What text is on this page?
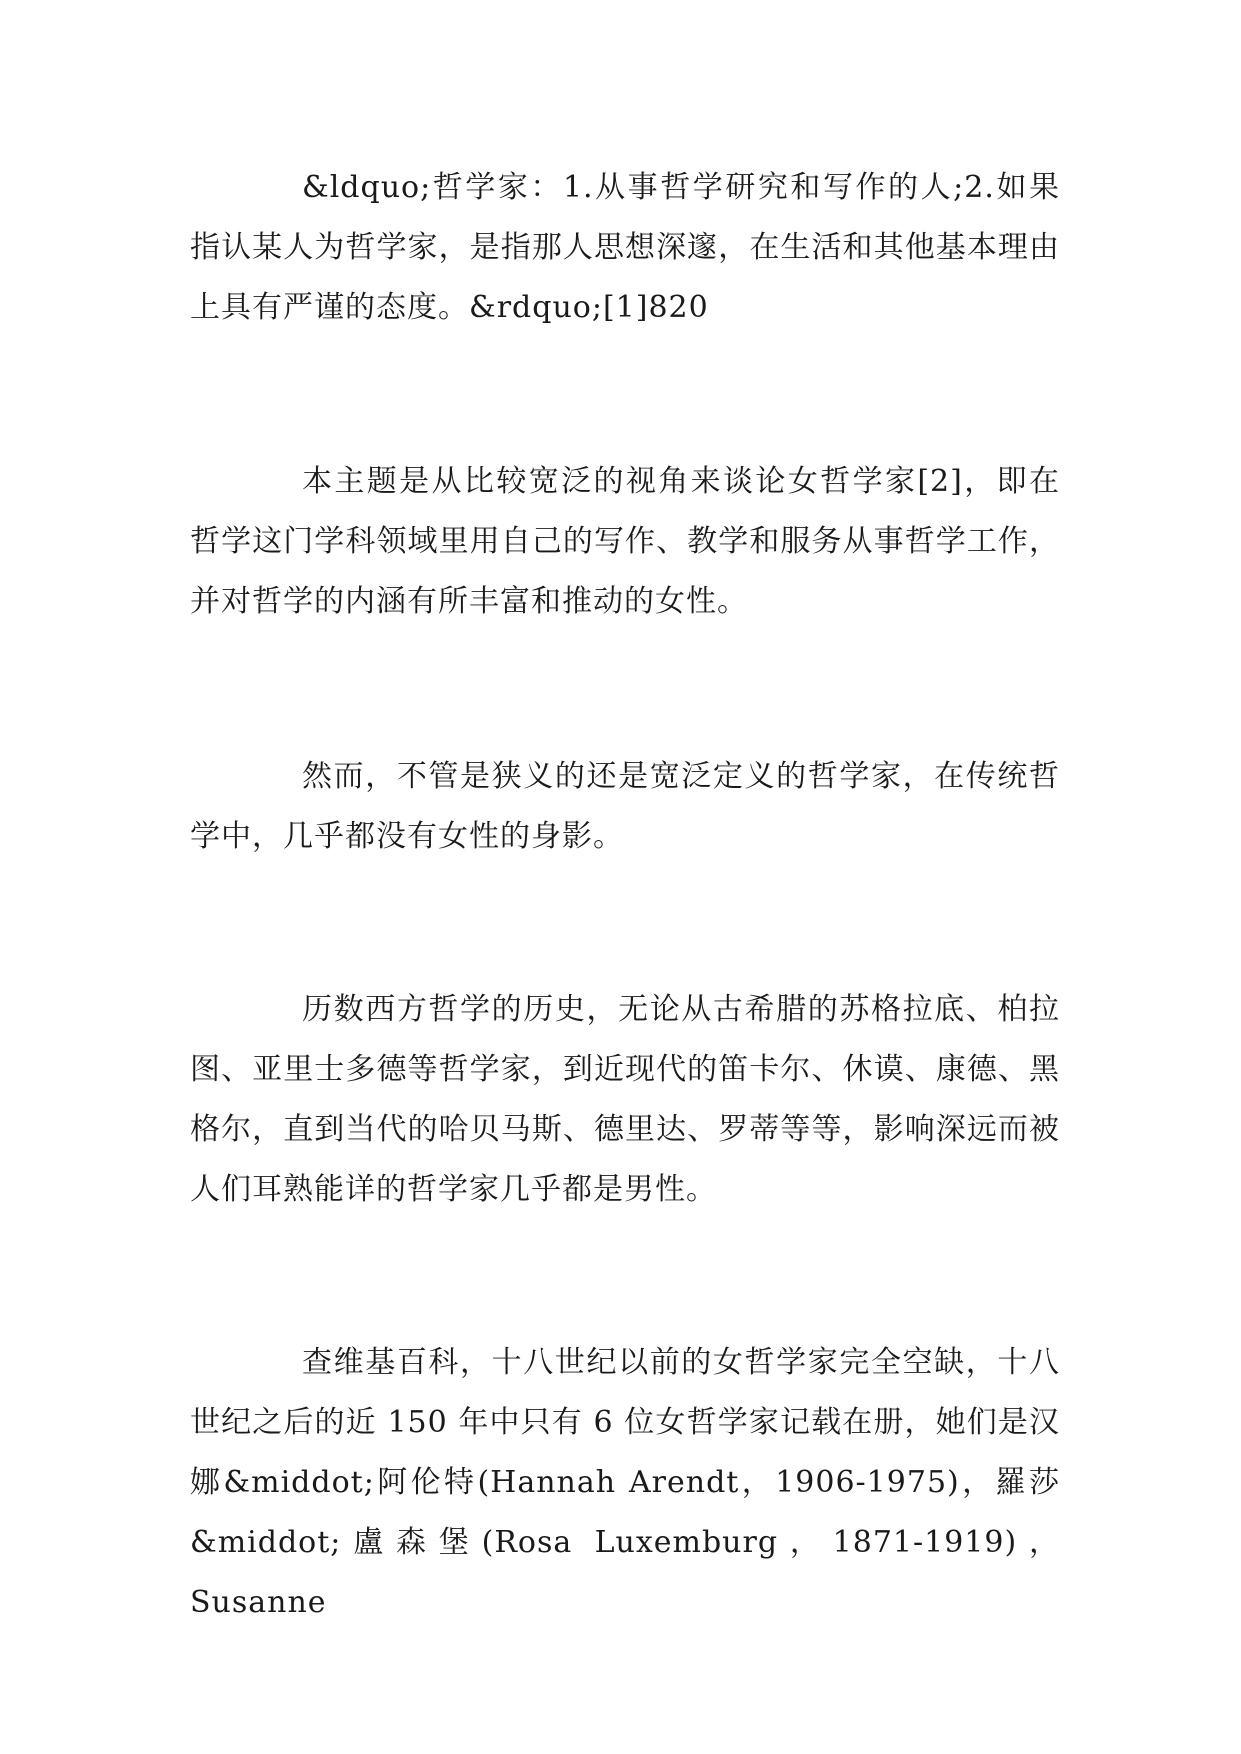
&ldquo;哲学家：1.从事哲学研究和写作的人;2.如果指认某人为哲学家，是指那人思想深邃，在生活和其他基本理由上具有严谨的态度。&rdquo;[1]820

本主题是从比较宽泛的视角来谈论女哲学家[2]，即在哲学这门学科领域里用自己的写作、教学和服务从事哲学工作，并对哲学的内涵有所丰富和推动的女性。

然而，不管是狭义的还是宽泛定义的哲学家，在传统哲学中，几乎都没有女性的身影。

历数西方哲学的历史，无论从古希腊的苏格拉底、柏拉图、亚里士多德等哲学家，到近现代的笛卡尔、休谟、康德、黑格尔，直到当代的哈贝马斯、德里达、罗蒂等等，影响深远而被人们耳熟能详的哲学家几乎都是男性。

查维基百科，十八世纪以前的女哲学家完全空缺，十八世纪之后的近 150 年中只有 6 位女哲学家记载在册，她们是汉娜&middot;阿伦特(Hannah Arendt，1906-1975)，羅莎&middot;盧森堡(Rosa Luxemburg，1871-1919)，Susanne
